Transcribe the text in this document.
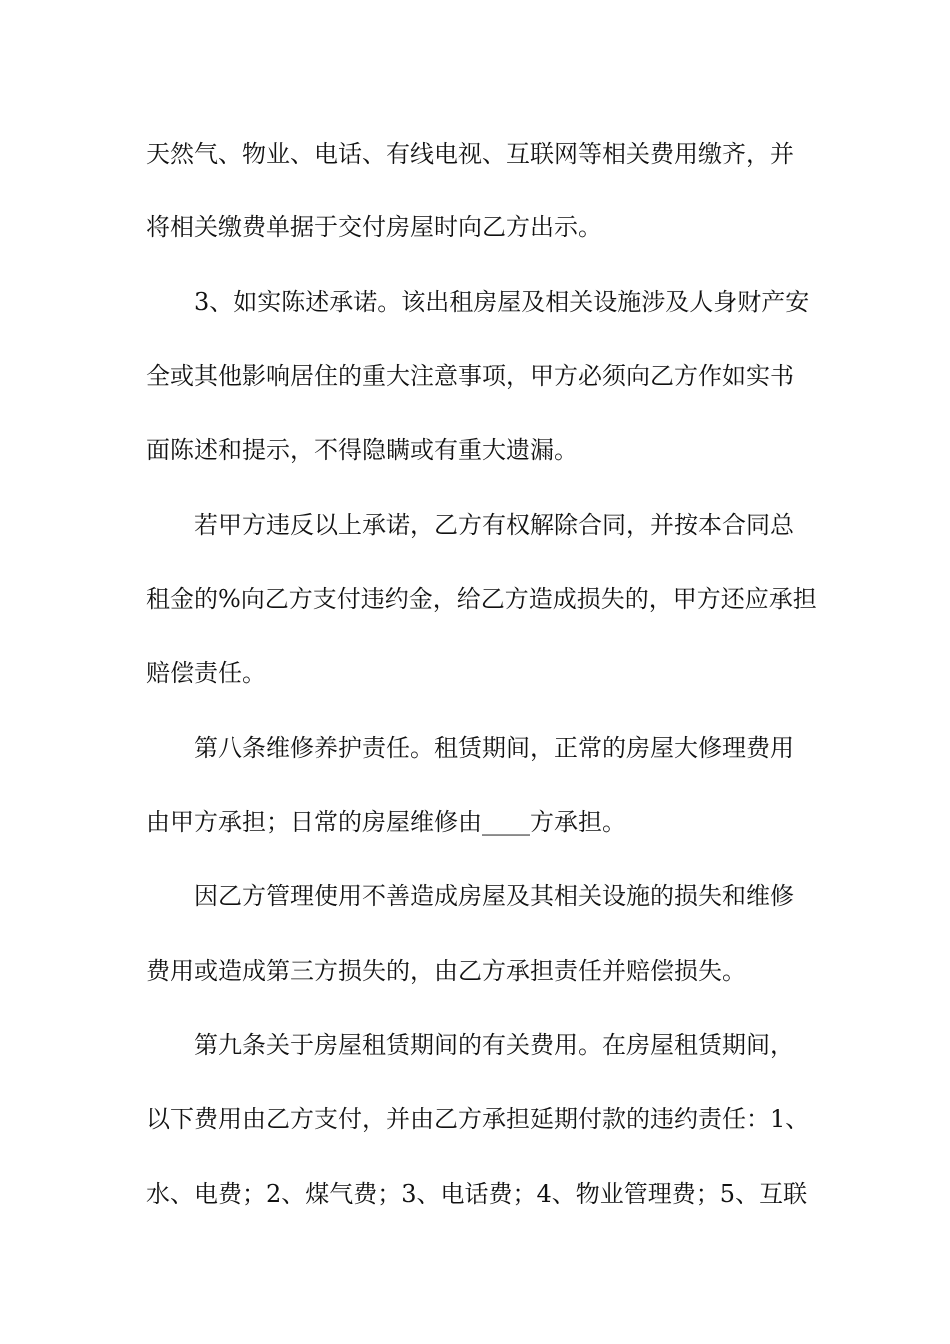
天然气、物业、电话、有线电视、互联网等相关费用缴齐，并
将相关缴费单据于交付房屋时向乙方出示。
3、如实陈述承诺。该出租房屋及相关设施涉及人身财产安
全或其他影响居住的重大注意事项，甲方必须向乙方作如实书
面陈述和提示，不得隐瞒或有重大遗漏。
若甲方违反以上承诺，乙方有权解除合同，并按本合同总
租金的%向乙方支付违约金，给乙方造成损失的，甲方还应承担
赔偿责任。
第八条维修养护责任。租赁期间，正常的房屋大修理费用
由甲方承担；日常的房屋维修由____方承担。
因乙方管理使用不善造成房屋及其相关设施的损失和维修
费用或造成第三方损失的，由乙方承担责任并赔偿损失。
第九条关于房屋租赁期间的有关费用。在房屋租赁期间，
以下费用由乙方支付，并由乙方承担延期付款的违约责任：1、
水、电费；2、煤气费；3、电话费；4、物业管理费；5、互联
